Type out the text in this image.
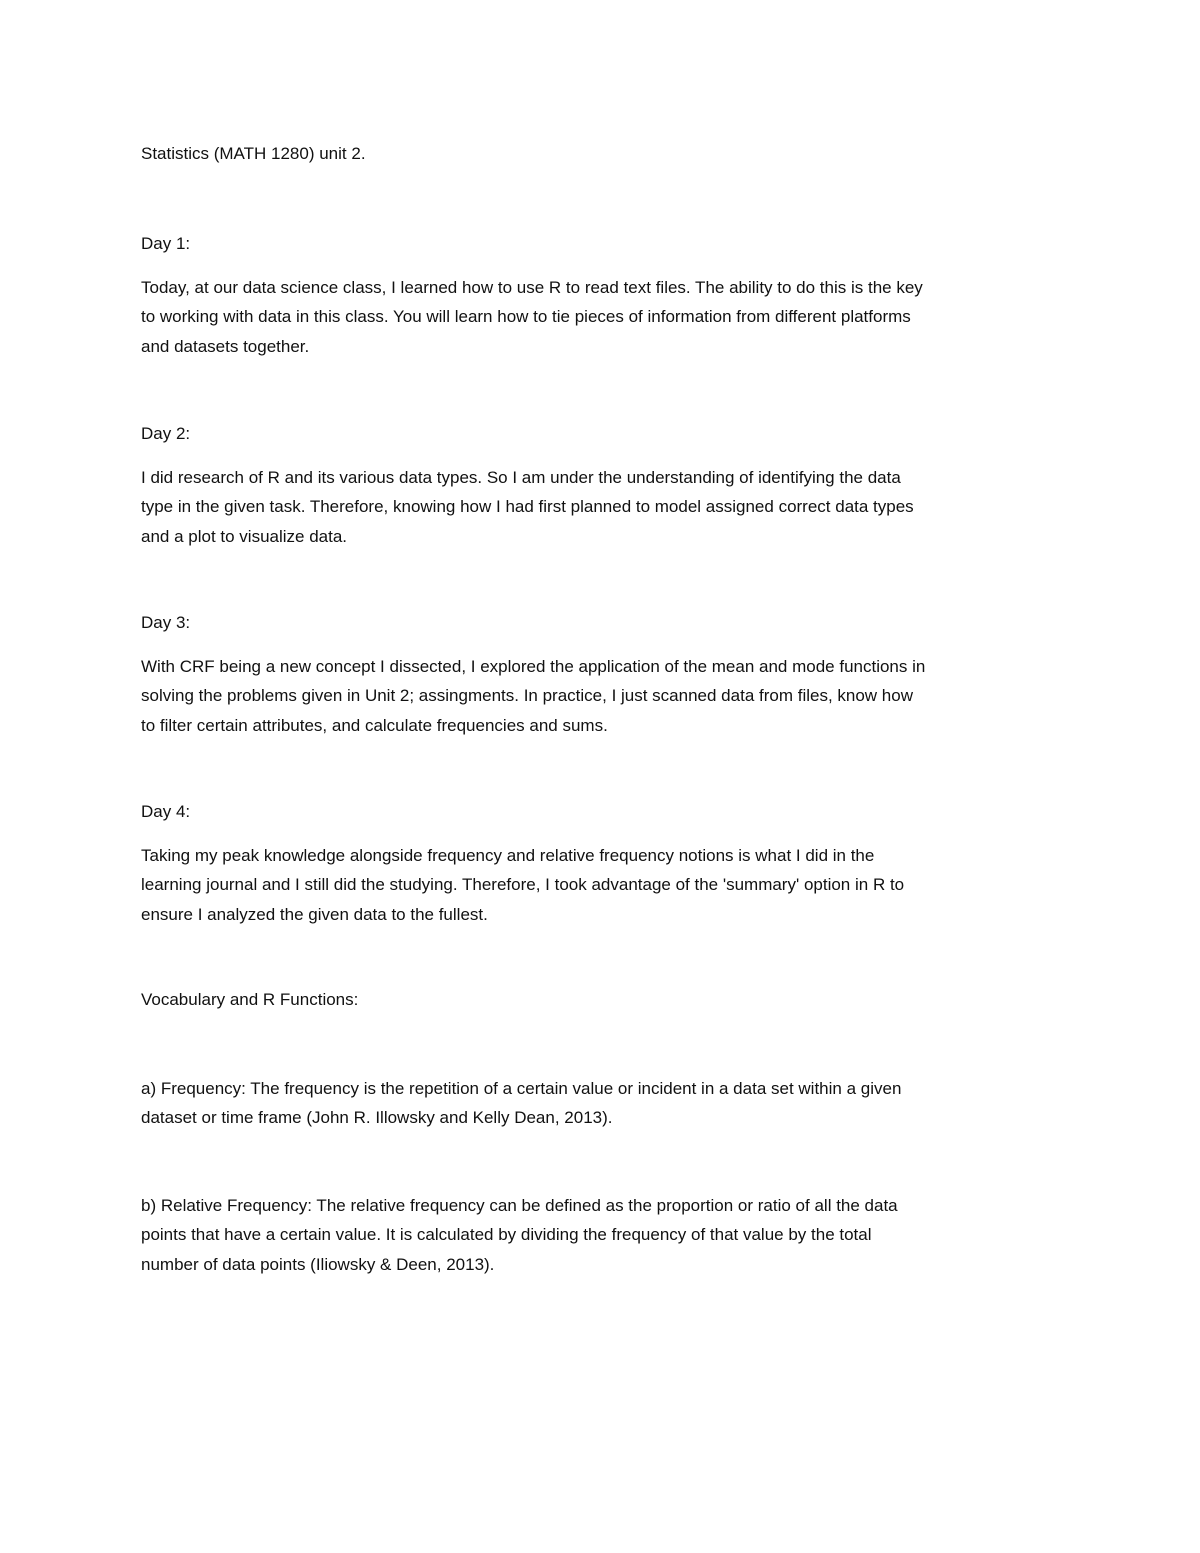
Statistics (MATH 1280) unit 2.

Day 1:

Today, at our data science class, I learned how to use R to read text files. The ability to do this is the key
to working with data in this class. You will learn how to tie pieces of information from different platforms
and datasets together.

Day 2:

I did research of R and its various data types. So I am under the understanding of identifying the data
type in the given task. Therefore, knowing how I had first planned to model assigned correct data types
and a plot to visualize data.

Day 3:

With CRF being a new concept I dissected, I explored the application of the mean and mode functions in
solving the problems given in Unit 2; assingments. In practice, I just scanned data from files, know how
to filter certain attributes, and calculate frequencies and sums.

Day 4:

Taking my peak knowledge alongside frequency and relative frequency notions is what I did in the
learning journal and I still did the studying. Therefore, I took advantage of the 'summary' option in R to
ensure I analyzed the given data to the fullest.

Vocabulary and R Functions:

a) Frequency: The frequency is the repetition of a certain value or incident in a data set within a given
dataset or time frame (John R. Illowsky and Kelly Dean, 2013).
b) Relative Frequency: The relative frequency can be defined as the proportion or ratio of all the data
points that have a certain value. It is calculated by dividing the frequency of that value by the total
number of data points (Iliowsky & Deen, 2013).
